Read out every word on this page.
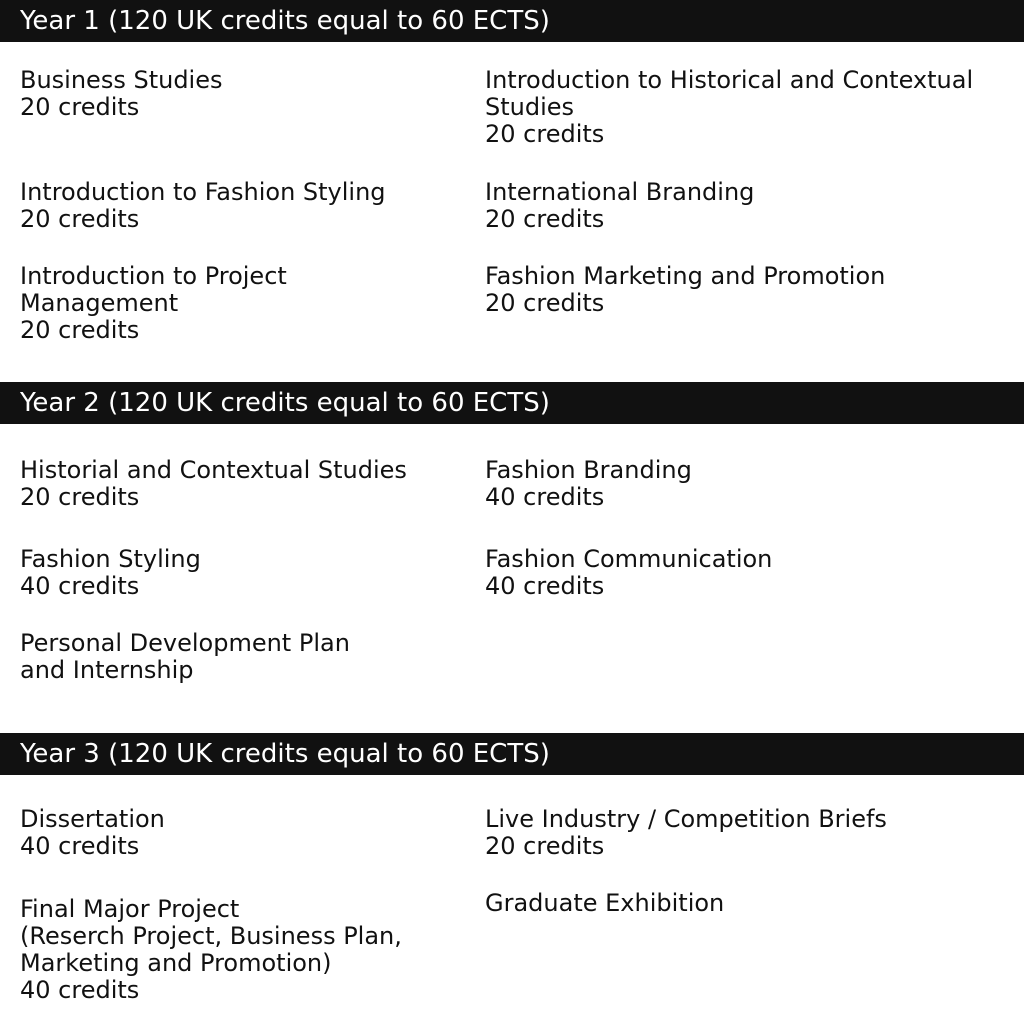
Year 1 (120 UK credits equal to 60 ECTS)
Business Studies
20 credits
Introduction to Historical and Contextual
Studies
20 credits
Introduction to Fashion Styling
20 credits
International Branding
20 credits
Introduction to Project
Management
20 credits
Fashion Marketing and Promotion
20 credits
Year 2 (120 UK credits equal to 60 ECTS)
Historial and Contextual Studies
20 credits
Fashion Branding
40 credits
Fashion Styling
40 credits
Fashion Communication
40 credits
Personal Development Plan
and Internship
Year 3 (120 UK credits equal to 60 ECTS)
Dissertation
40 credits
Live Industry / Competition Briefs
20 credits
Final Major Project
(Reserch Project, Business Plan,
Marketing and Promotion)
40 credits
Graduate Exhibition
